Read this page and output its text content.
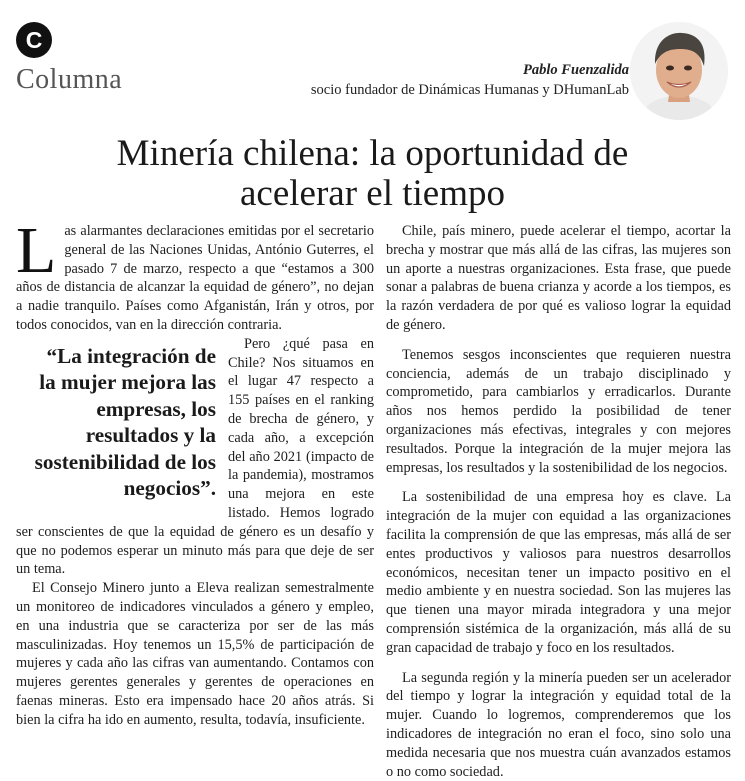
C
Columna	Pablo Fuenzalida
socio fundador de Dinámicas Humanas y DHumanLab
Minería chilena: la oportunidad de acelerar el tiempo

Las alarmantes declaraciones emitidas por el secretario general de las Naciones Unidas, António Guterres, el pasado 7 de marzo, respecto a que “estamos a 300 años de distancia de alcanzar la equidad de género”, no dejan a nadie tranquilo. Países como Afganistán, Irán y otros, por todos conocidos, van en la dirección contraria.

“La integración de la mujer mejora las empresas, los resultados y la sostenibilidad de los negocios”.
Pero ¿qué pasa en Chile? Nos situamos en el lugar 47 respecto a 155 países en el ranking de brecha de género, y cada año, a excepción del año 2021 (impacto de la pandemia), mostramos una mejora en este listado. Hemos logrado ser conscientes de que la equidad de género es un desafío y que no podemos esperar un minuto más para que deje de ser un tema.

El Consejo Minero junto a Eleva realizan semestralmente un monitoreo de indicadores vinculados a género y empleo, en una industria que se caracteriza por ser de las más masculinizadas. Hoy tenemos un 15,5% de participación de mujeres y cada año las cifras van aumentando. Contamos con mujeres gerentes generales y gerentes de operaciones en faenas mineras. Esto era impensado hace 20 años atrás. Si bien la cifra ha ido en aumento, resulta, todavía, insuficiente.

Chile, país minero, puede acelerar el tiempo, acortar la brecha y mostrar que más allá de las cifras, las mujeres son un aporte a nuestras organizaciones. Esta frase, que puede sonar a palabras de buena crianza y acorde a los tiempos, es la razón verdadera de por qué es valioso lograr la equidad de género.

Tenemos sesgos inconscientes que requieren nuestra conciencia, además de un trabajo disciplinado y comprometido, para cambiarlos y erradicarlos. Durante años nos hemos perdido la posibilidad de tener organizaciones más efectivas, integrales y con mejores resultados. Porque la integración de la mujer mejora las empresas, los resultados y la sostenibilidad de los negocios.

La sostenibilidad de una empresa hoy es clave. La integración de la mujer con equidad a las organizaciones facilita la comprensión de que las empresas, más allá de ser entes productivos y valiosos para nuestros desarrollos económicos, necesitan tener un impacto positivo en el medio ambiente y en nuestra sociedad. Son las mujeres las que tienen una mayor mirada integradora y una mejor comprensión sistémica de la organización, más allá de su gran capacidad de trabajo y foco en los resultados.

La segunda región y la minería pueden ser un acelerador del tiempo y lograr la integración y equidad total de la mujer. Cuando lo logremos, comprenderemos que los indicadores de integración no eran el foco, sino solo una medida necesaria que nos muestra cuán avanzados estamos o no como sociedad.
